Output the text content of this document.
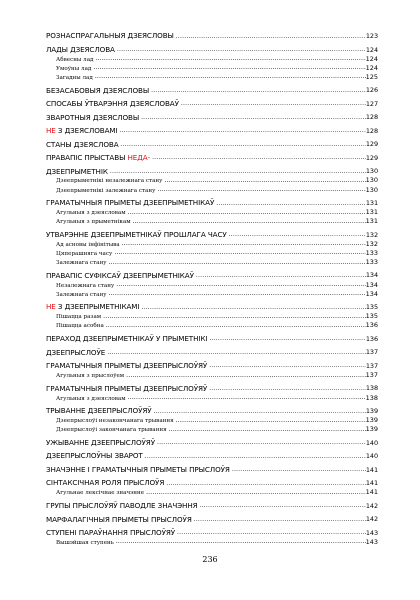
РОЗНАСПРАГАЛЬНЫЯ ДЗЕЯСЛОВЫ .....	123
ЛАДЫ ДЗЕЯСЛОВА .....	124
Абвесны лад .....	124
Умоўны лад .....	124
Загадны лад .....	125
БЕЗАСАБОВЫЯ ДЗЕЯСЛОВЫ .....	126
СПОСАБЫ ЎТВАРЭННЯ ДЗЕЯСЛОВАЎ .....	127
ЗВАРОТНЫЯ ДЗЕЯСЛОВЫ .....	128
НЕ З ДЗЕЯСЛОВАМІ .....	128
СТАНЫ ДЗЕЯСЛОВА .....	129
ПРАВАПІС ПРЫСТАВЫ НЕДА- .....	129
ДЗЕЕПРЫМЕТНІК .....	130
Дзеепрыметнікі незалежнага стану .....	130
Дзеепрыметнікі залежнага стану .....	130
ГРАМАТЫЧНЫЯ ПРЫМЕТЫ ДЗЕЕПРЫМЕТНІКАЎ .....	131
Агульныя з дзеясловам .....	131
Агульныя з прыметнікам .....	131
УТВАРЭННЕ ДЗЕЕПРЫМЕТНІКАЎ ПРОШЛАГА ЧАСУ .....	132
Ад асновы інфінітыва .....	132
Цяперашняга часу .....	133
Залежнага стану .....	133
ПРАВАПІС СУФІКСАЎ ДЗЕЕПРЫМЕТНІКАЎ .....	134
Незалежнага стану .....	134
Залежнага стану .....	134
НЕ З ДЗЕЕПРЫМЕТНІКАМІ .....	135
Пішацца разам .....	135
Пішацца асобна .....	136
ПЕРАХОД ДЗЕЕПРЫМЕТНІКАЎ У ПРЫМЕТНІКІ .....	136
ДЗЕЕПРЫСЛОЎЕ .....	137
ГРАМАТЫЧНЫЯ ПРЫМЕТЫ ДЗЕЕПРЫСЛОЎЯЎ .....	137
Агульныя з прыслоўем .....	137
ГРАМАТЫЧНЫЯ ПРЫМЕТЫ ДЗЕЕПРЫСЛОЎЯЎ .....	138
Агульныя з дзеясловам .....	138
ТРЫВАННЕ ДЗЕЕПРЫСЛОЎЯЎ .....	139
Дзеепрыслоўі незакончанага трывання .....	139
Дзеепрыслоўі закончанага трывання .....	139
УЖЫВАННЕ ДЗЕЕПРЫСЛОЎЯЎ .....	140
ДЗЕЕПРЫСЛОЎНЫ ЗВАРОТ .....	140
ЗНАЧЭННЕ І ГРАМАТЫЧНЫЯ ПРЫМЕТЫ ПРЫСЛОЎЯ .....	141
СІНТАКСІЧНАЯ РОЛЯ ПРЫСЛОЎЯ .....	141
Агульнае лексічнае значэнне .....	141
ГРУПЫ ПРЫСЛОЎЯЎ ПАВОДЛЕ ЗНАЧЭННЯ .....	142
МАРФАЛАГІЧНЫЯ ПРЫМЕТЫ ПРЫСЛОЎЯ .....	142
СТУПЕНІ ПАРАЎНАННЯ ПРЫСЛОЎЯЎ .....	143
Вышэйшая ступень .....	143
236
